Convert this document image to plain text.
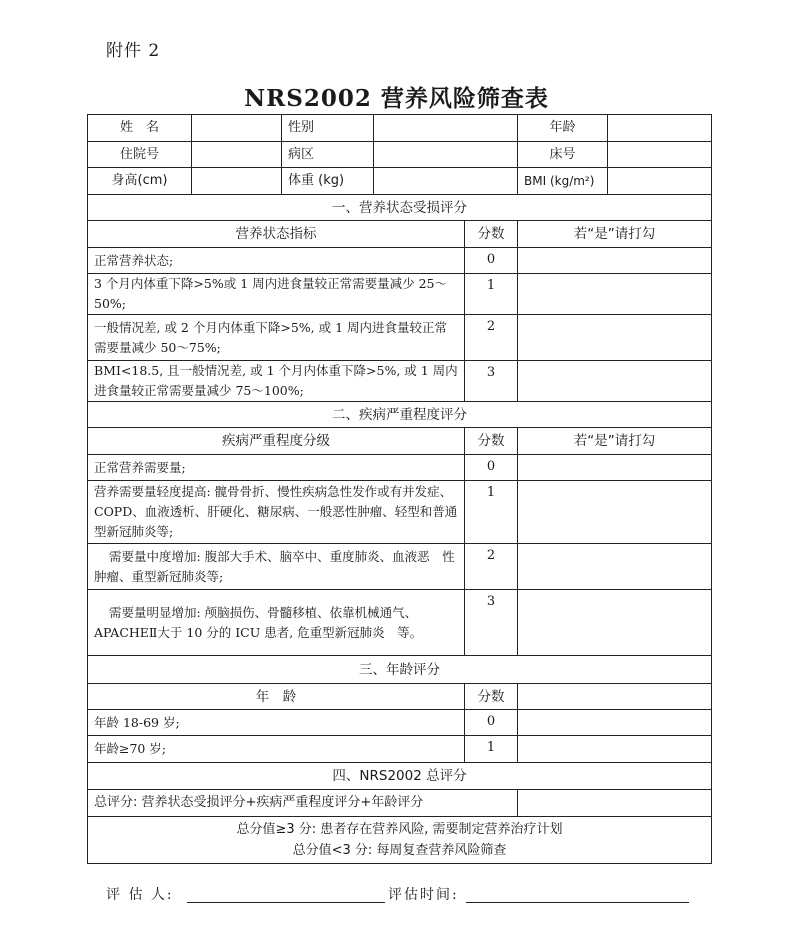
附件 2
NRS2002 营养风险筛查表
姓　名		性别			年龄	
住院号		病区			床号	
身高(cm)		体重 (kg)			BMI (kg/m²)	
一、营养状态受损评分						
营养状态指标				分数	若“是”请打勾	
正常营养状态;				0		
3 个月内体重下降>5%或 1 周内进食量较正常需要量减少 25～50%;				1		
一般情况差, 或 2 个月内体重下降>5%, 或 1 周内进食量较正常需要量减少 50～75%;				2		
BMI<18.5, 且一般情况差, 或 1 个月内体重下降>5%, 或 1 周内进食量较正常需要量减少 75～100%;				3		
二、疾病严重程度评分						
疾病严重程度分级				分数	若“是”请打勾	
正常营养需要量;				0		
营养需要量轻度提高: 髋骨骨折、慢性疾病急性发作或有并发症、COPD、血液透析、肝硬化、糖尿病、一般恶性肿瘤、轻型和普通型新冠肺炎等;				1		
需要量中度增加: 腹部大手术、脑卒中、重度肺炎、血液恶　性肿瘤、重型新冠肺炎等;				2		
需要量明显增加: 颅脑损伤、骨髓移植、依靠机械通气、　APACHEⅡ大于 10 分的 ICU 患者, 危重型新冠肺炎　等。				3		
三、年龄评分						
年　龄				分数		
年龄 18-69 岁;				0		
年龄≥70 岁;				1		
四、NRS2002 总评分						
总评分: 营养状态受损评分+疾病严重程度评分+年龄评分						

总分值≥3 分: 患者存在营养风险, 需要制定营养治疗计划
总分值<3 分: 每周复查营养风险筛查						
评 估 人:	评估时间:
